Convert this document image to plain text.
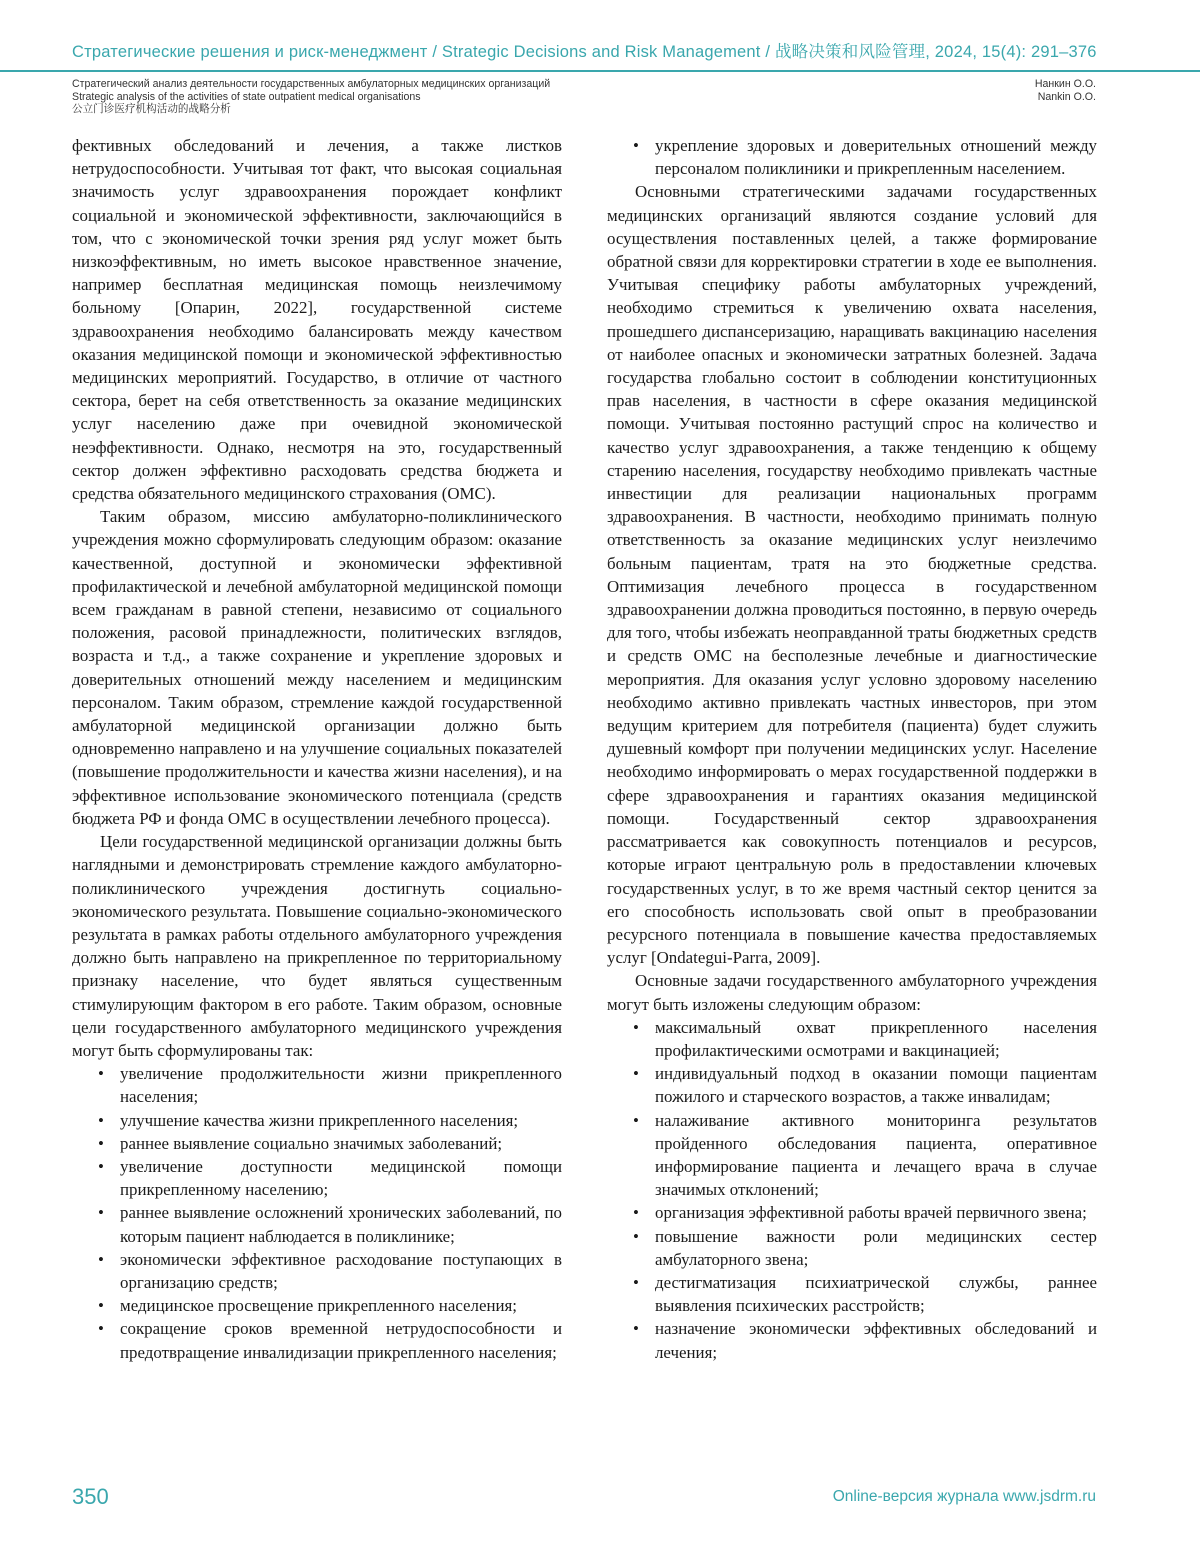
Стратегические решения и риск-менеджмент / Strategic Decisions and Risk Management / 战略决策和风险管理, 2024, 15(4): 291–376
Стратегический анализ деятельности государственных амбулаторных медицинских организаций
Strategic analysis of the activities of state outpatient medical organisations
公立门诊医疗机构活动的战略分析
Нанкин О.О.
Nankin O.O.

фективных обследований и лечения, а также листков нетрудоспособности. Учитывая тот факт, что высокая социальная значимость услуг здравоохранения порождает конфликт социальной и экономической эффективности, заключающийся в том, что с экономической точки зрения ряд услуг может быть низкоэффективным, но иметь высокое нравственное значение, например бесплатная медицинская помощь неизлечимому больному [Опарин, 2022], государственной системе здравоохранения необходимо балансировать между качеством оказания медицинской помощи и экономической эффективностью медицинских мероприятий. Государство, в отличие от частного сектора, берет на себя ответственность за оказание медицинских услуг населению даже при очевидной экономической неэффективности. Однако, несмотря на это, государственный сектор должен эффективно расходовать средства бюджета и средства обязательного медицинского страхования (ОМС).

Таким образом, миссию амбулаторно-поликлинического учреждения можно сформулировать следующим образом: оказание качественной, доступной и экономически эффективной профилактической и лечебной амбулаторной медицинской помощи всем гражданам в равной степени, независимо от социального положения, расовой принадлежности, политических взглядов, возраста и т.д., а также сохранение и укрепление здоровых и доверительных отношений между населением и медицинским персоналом. Таким образом, стремление каждой государственной амбулаторной медицинской организации должно быть одновременно направлено и на улучшение социальных показателей (повышение продолжительности и качества жизни населения), и на эффективное использование экономического потенциала (средств бюджета РФ и фонда ОМС в осуществлении лечебного процесса).

Цели государственной медицинской организации должны быть наглядными и демонстрировать стремление каждого амбулаторно-поликлинического учреждения достигнуть социально-экономического результата. Повышение социально-экономического результата в рамках работы отдельного амбулаторного учреждения должно быть направлено на прикрепленное по территориальному признаку население, что будет являться существенным стимулирующим фактором в его работе. Таким образом, основные цели государственного амбулаторного медицинского учреждения могут быть сформулированы так:

• увеличение продолжительности жизни прикрепленного населения;
• улучшение качества жизни прикрепленного населения;
• раннее выявление социально значимых заболеваний;
• увеличение доступности медицинской помощи прикрепленному населению;
• раннее выявление осложнений хронических заболеваний, по которым пациент наблюдается в поликлинике;
• экономически эффективное расходование поступающих в организацию средств;
• медицинское просвещение прикрепленного населения;
• сокращение сроков временной нетрудоспособности и предотвращение инвалидизации прикрепленного населения;
• укрепление здоровых и доверительных отношений между персоналом поликлиники и прикрепленным населением.

Основными стратегическими задачами государственных медицинских организаций являются создание условий для осуществления поставленных целей, а также формирование обратной связи для корректировки стратегии в ходе ее выполнения. Учитывая специфику работы амбулаторных учреждений, необходимо стремиться к увеличению охвата населения, прошедшего диспансеризацию, наращивать вакцинацию населения от наиболее опасных и экономически затратных болезней. Задача государства глобально состоит в соблюдении конституционных прав населения, в частности в сфере оказания медицинской помощи. Учитывая постоянно растущий спрос на количество и качество услуг здравоохранения, а также тенденцию к общему старению населения, государству необходимо привлекать частные инвестиции для реализации национальных программ здравоохранения. В частности, необходимо принимать полную ответственность за оказание медицинских услуг неизлечимо больным пациентам, тратя на это бюджетные средства. Оптимизация лечебного процесса в государственном здравоохранении должна проводиться постоянно, в первую очередь для того, чтобы избежать неоправданной траты бюджетных средств и средств ОМС на бесполезные лечебные и диагностические мероприятия. Для оказания услуг условно здоровому населению необходимо активно привлекать частных инвесторов, при этом ведущим критерием для потребителя (пациента) будет служить душевный комфорт при получении медицинских услуг. Население необходимо информировать о мерах государственной поддержки в сфере здравоохранения и гарантиях оказания медицинской помощи. Государственный сектор здравоохранения рассматривается как совокупность потенциалов и ресурсов, которые играют центральную роль в предоставлении ключевых государственных услуг, в то же время частный сектор ценится за его способность использовать свой опыт в преобразовании ресурсного потенциала в повышение качества предоставляемых услуг [Ondategui-Parra, 2009].

Основные задачи государственного амбулаторного учреждения могут быть изложены следующим образом:

• максимальный охват прикрепленного населения профилактическими осмотрами и вакцинацией;
• индивидуальный подход в оказании помощи пациентам пожилого и старческого возрастов, а также инвалидам;
• налаживание активного мониторинга результатов пройденного обследования пациента, оперативное информирование пациента и лечащего врача в случае значимых отклонений;
• организация эффективной работы врачей первичного звена;
• повышение важности роли медицинских сестер амбулаторного звена;
• дестигматизация психиатрической службы, раннее выявления психических расстройств;
• назначение экономически эффективных обследований и лечения;
350	Online-версия журнала www.jsdrm.ru
